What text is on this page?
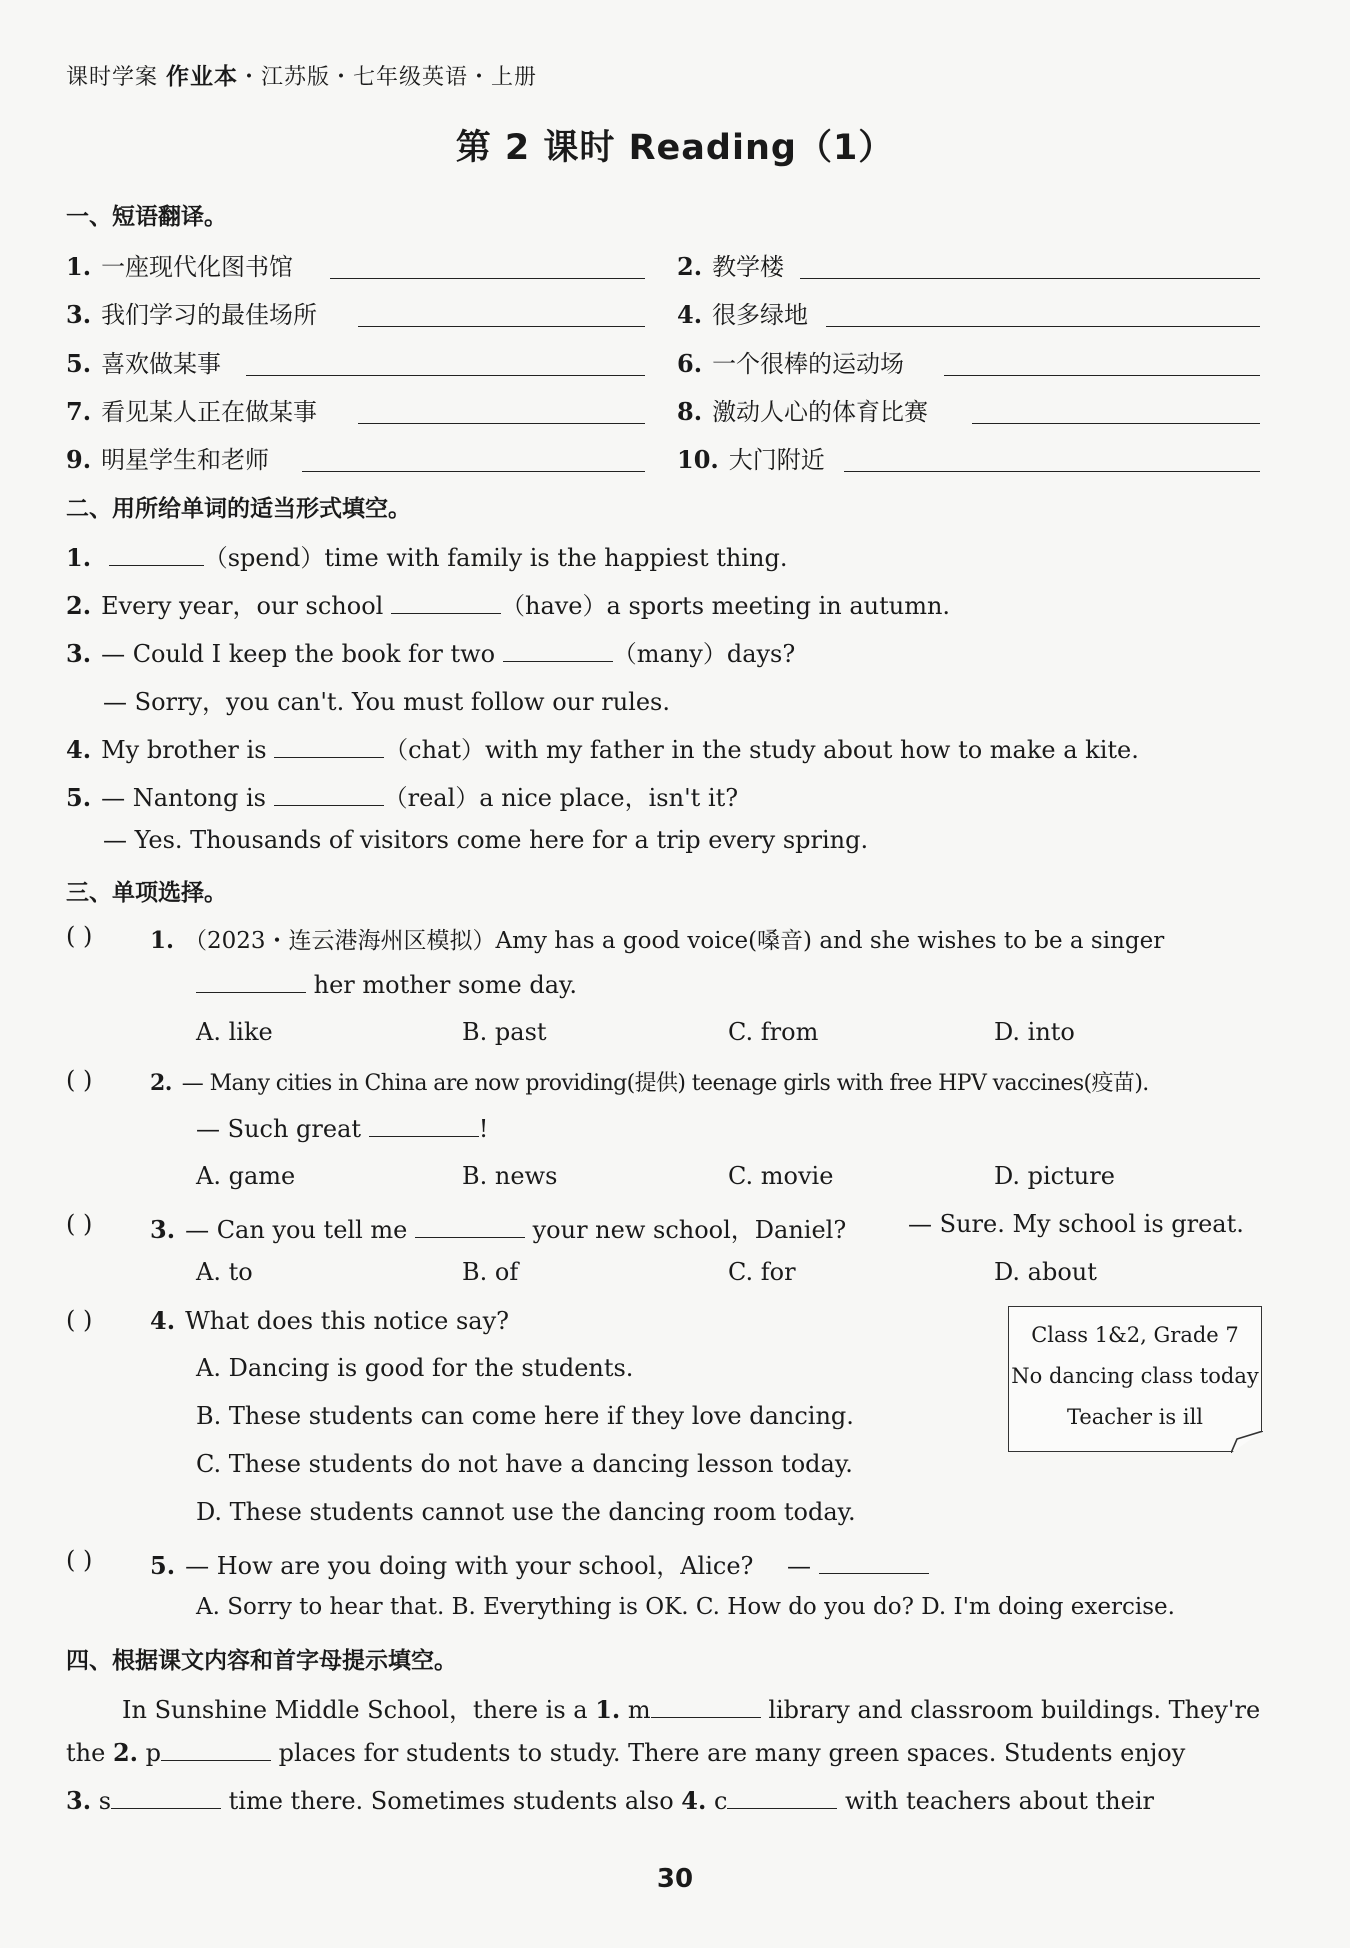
课时学案 作业本・江苏版・七年级英语・上册
第 2 课时 Reading（1）
一、短语翻译。
1. 一座现代化图书馆	2. 教学楼
3. 我们学习的最佳场所	4. 很多绿地
5. 喜欢做某事	6. 一个很棒的运动场
7. 看见某人正在做某事	8. 激动人心的体育比赛
9. 明星学生和老师	10. 大门附近
二、用所给单词的适当形式填空。
1.	（spend）time with family is the happiest thing.
2. Every year，our school	（have）a sports meeting in autumn.
3. — Could I keep the book for two	（many）days?
— Sorry，you can't. You must follow our rules.
4. My brother is	（chat）with my father in the study about how to make a kite.
5. — Nantong is	（real）a nice place，isn't it?
— Yes. Thousands of visitors come here for a trip every spring.
三、单项选择。
( )	1. （2023・连云港海州区模拟）Amy has a good voice(嗓音) and she wishes to be a singer
her mother some day.
A. like	B. past	C. from	D. into
( )	2. — Many cities in China are now providing(提供) teenage girls with free HPV vaccines(疫苗).
— Such great	!
A. game	B. news	C. movie	D. picture
( ) 3. — Can you tell me	your new school，Daniel?	— Sure. My school is great.
A. to	B. of	C. for	D. about
( ) 4. What does this notice say?
A. Dancing is good for the students.
B. These students can come here if they love dancing.
C. These students do not have a dancing lesson today.
D. These students cannot use the dancing room today.
Class 1&2, Grade 7
No dancing class today
Teacher is ill
( ) 5. — How are you doing with your school，Alice? —
A. Sorry to hear that. B. Everything is OK. C. How do you do? D. I'm doing exercise.
四、根据课文内容和首字母提示填空。
In Sunshine Middle School，there is a 1. m	library and classroom buildings. They're
the 2. p	places for students to study. There are many green spaces. Students enjoy
3. s	time there. Sometimes students also 4. c	with teachers about their
30
